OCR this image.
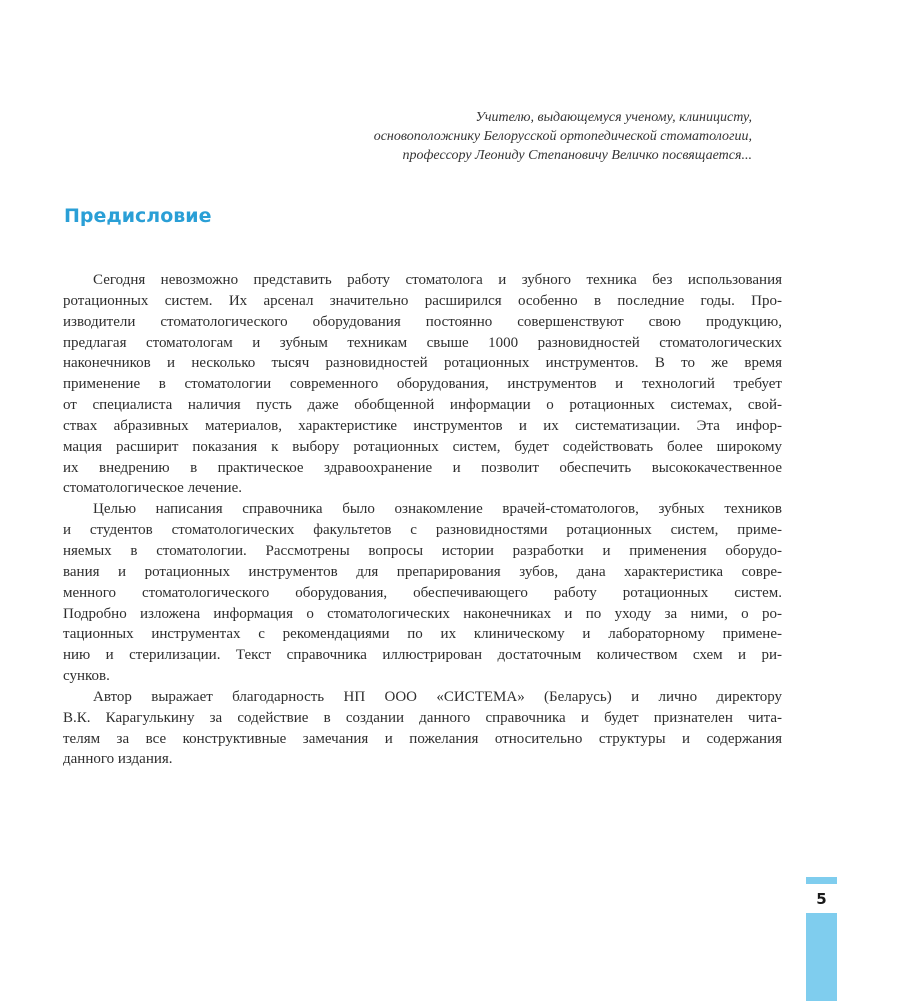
Учителю, выдающемуся ученому, клиницисту,
основоположнику Белорусской ортопедической стоматологии,
профессору Леониду Степановичу Величко посвящается...
Предисловие

Сегодня невозможно представить работу стоматолога и зубного техника без использования
ротационных систем. Их арсенал значительно расширился особенно в последние годы. Про-
изводители стоматологического оборудования постоянно совершенствуют свою продукцию,
предлагая стоматологам и зубным техникам свыше 1000 разновидностей стоматологических
наконечников и несколько тысяч разновидностей ротационных инструментов. В то же время
применение в стоматологии современного оборудования, инструментов и технологий требует
от специалиста наличия пусть даже обобщенной информации о ротационных системах, свой-
ствах абразивных материалов, характеристике инструментов и их систематизации. Эта инфор-
мация расширит показания к выбору ротационных систем, будет содействовать более широкому
их внедрению в практическое здравоохранение и позволит обеспечить высококачественное
стоматологическое лечение.

Целью написания справочника было ознакомление врачей-стоматологов, зубных техников
и студентов стоматологических факультетов с разновидностями ротационных систем, приме-
няемых в стоматологии. Рассмотрены вопросы истории разработки и применения оборудо-
вания и ротационных инструментов для препарирования зубов, дана характеристика совре-
менного стоматологического оборудования, обеспечивающего работу ротационных систем.
Подробно изложена информация о стоматологических наконечниках и по уходу за ними, о ро-
тационных инструментах с рекомендациями по их клиническому и лабораторному примене-
нию и стерилизации. Текст справочника иллюстрирован достаточным количеством схем и ри-
сунков.

Автор выражает благодарность НП ООО «СИСТЕМА» (Беларусь) и лично директору
В.К. Карагулькину за содействие в создании данного справочника и будет признателен чита-
телям за все конструктивные замечания и пожелания относительно структуры и содержания
данного издания.

5
